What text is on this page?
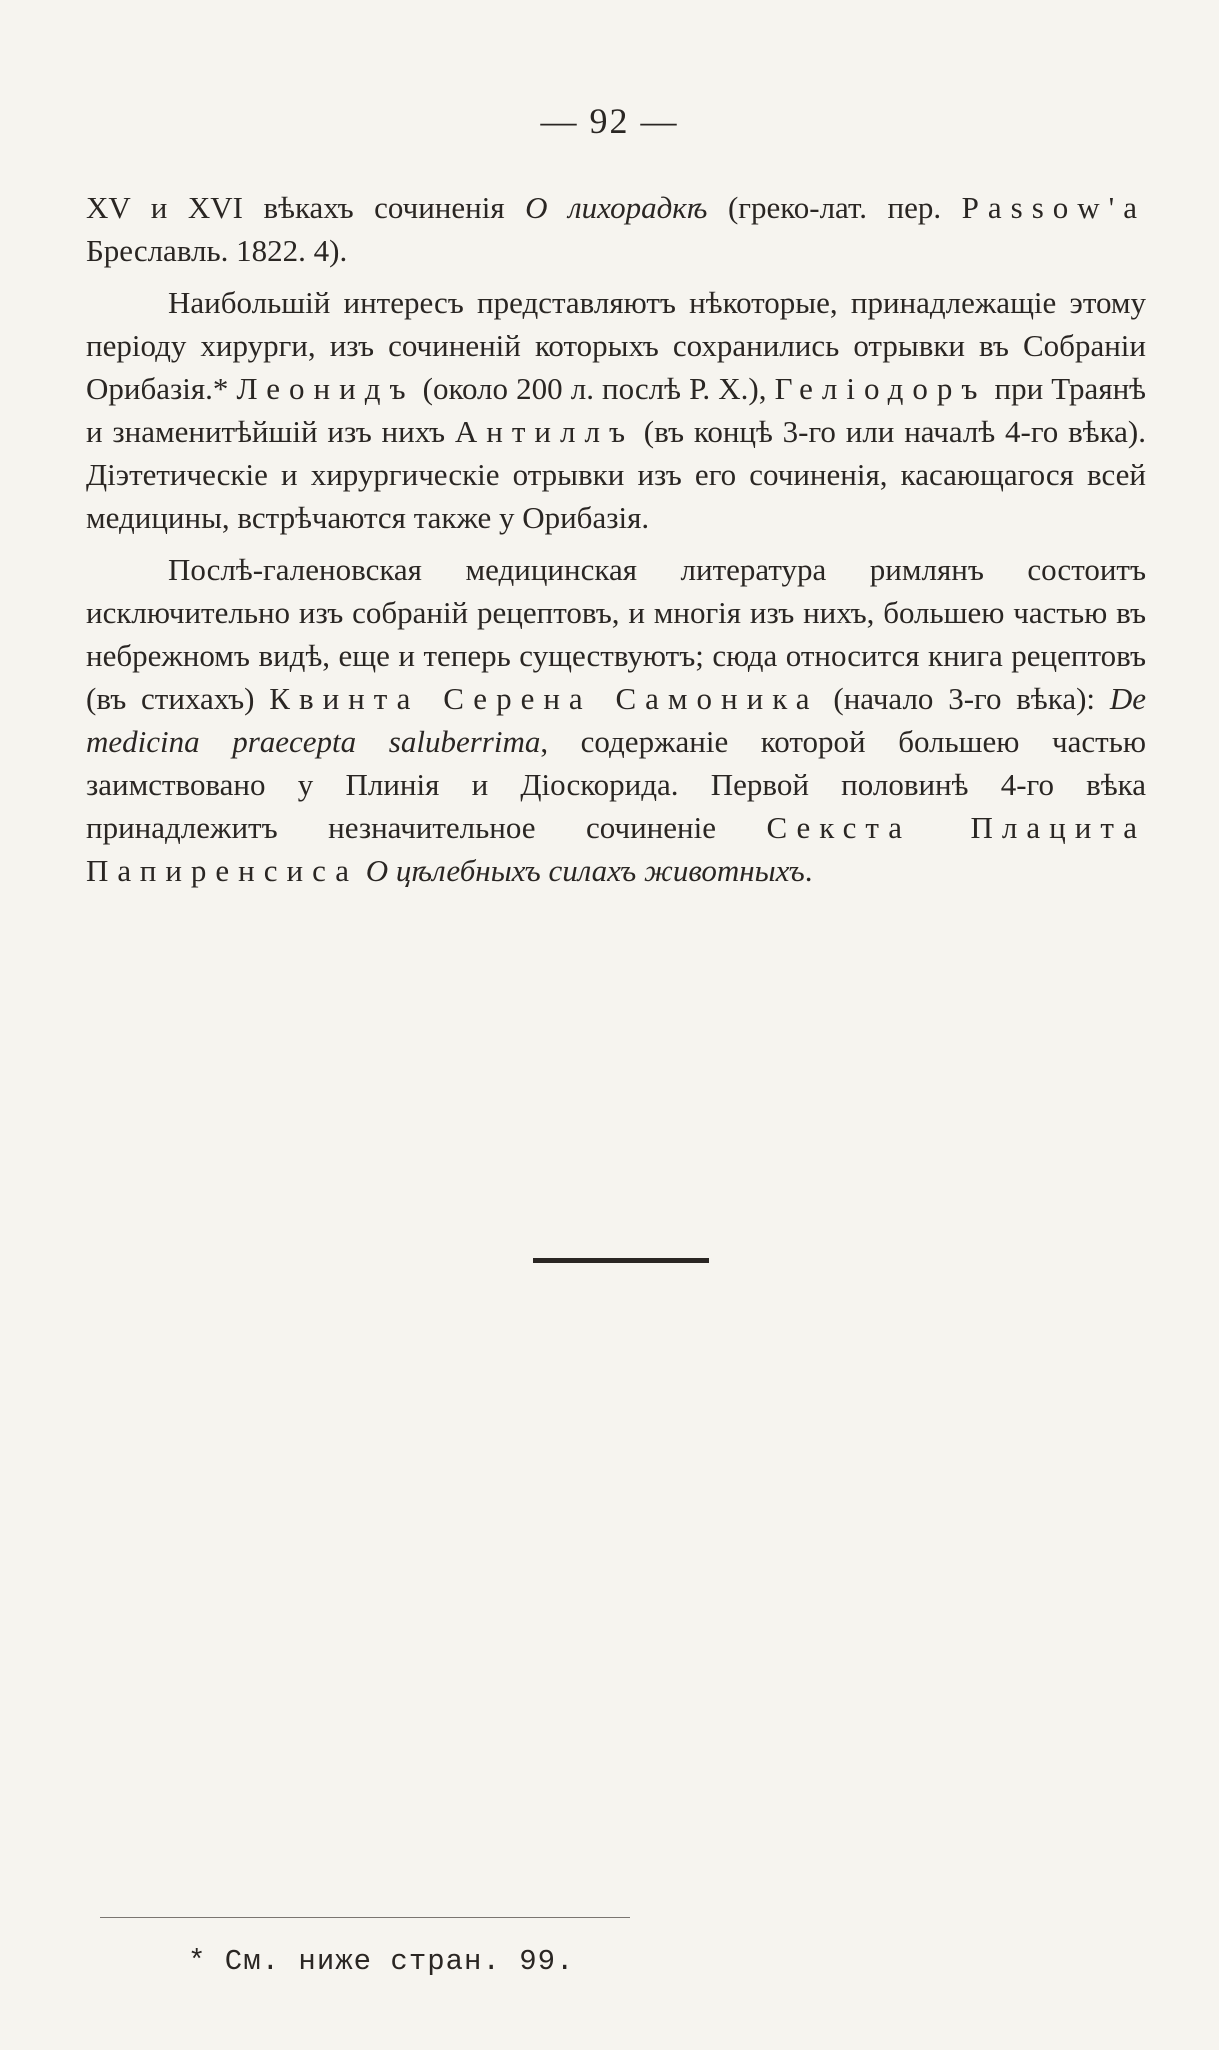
— 92 —

XV и XVI вѣкахъ сочиненія О лихорадкѣ (греко-лат. пер. Passow'a Бреславль. 1822. 4).

Наибольшій интересъ представляютъ нѣкоторые, принадлежащіе этому періоду хирурги, изъ сочиненій которыхъ сохранились отрывки въ Собраніи Орибазія.* Леонидъ (около 200 л. послѣ Р. Х.), Геліодоръ при Траянѣ и знаменитѣйшій изъ нихъ Антиллъ (въ концѣ 3-го или началѣ 4-го вѣка). Діэтетическіе и хирургическіе отрывки изъ его сочиненія, касающагося всей медицины, встрѣчаются также у Орибазія.

Послѣ-галеновская медицинская литература римлянъ состоитъ исключительно изъ собраній рецептовъ, и многія изъ нихъ, большею частью въ небрежномъ видѣ, еще и теперь существуютъ; сюда относится книга рецептовъ (въ стихахъ) Квинта Серена Самоника (начало 3-го вѣка): De medicina praecepta saluberrima, содержаніе которой большею частью заимствовано у Плинія и Діоскорида. Первой половинѣ 4-го вѣка принадлежитъ незначительное сочиненіе Секста Плацита Папиренсиса О цѣлебныхъ силахъ животныхъ.

* См. ниже стран. 99.
